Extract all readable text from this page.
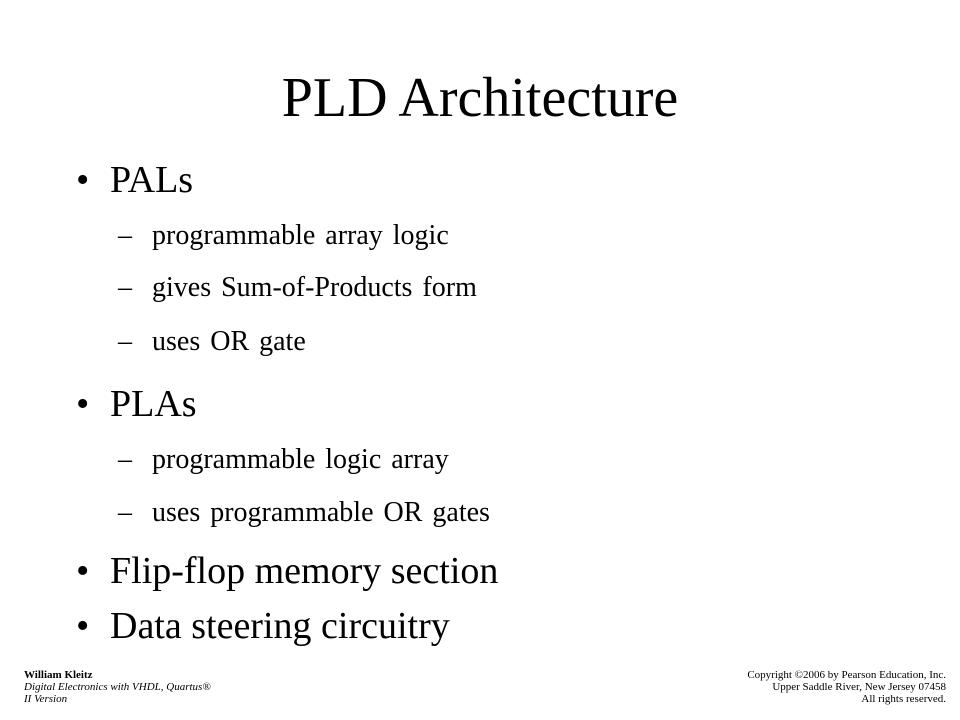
PLD Architecture
• PALs
– programmable array logic
– gives Sum-of-Products form
– uses OR gate
• PLAs
– programmable logic array
– uses programmable OR gates
• Flip-flop memory section
• Data steering circuitry
William Kleitz
Digital Electronics with VHDL, Quartus®
II Version
Copyright ©2006 by Pearson Education, Inc.
Upper Saddle River, New Jersey 07458
All rights reserved.
